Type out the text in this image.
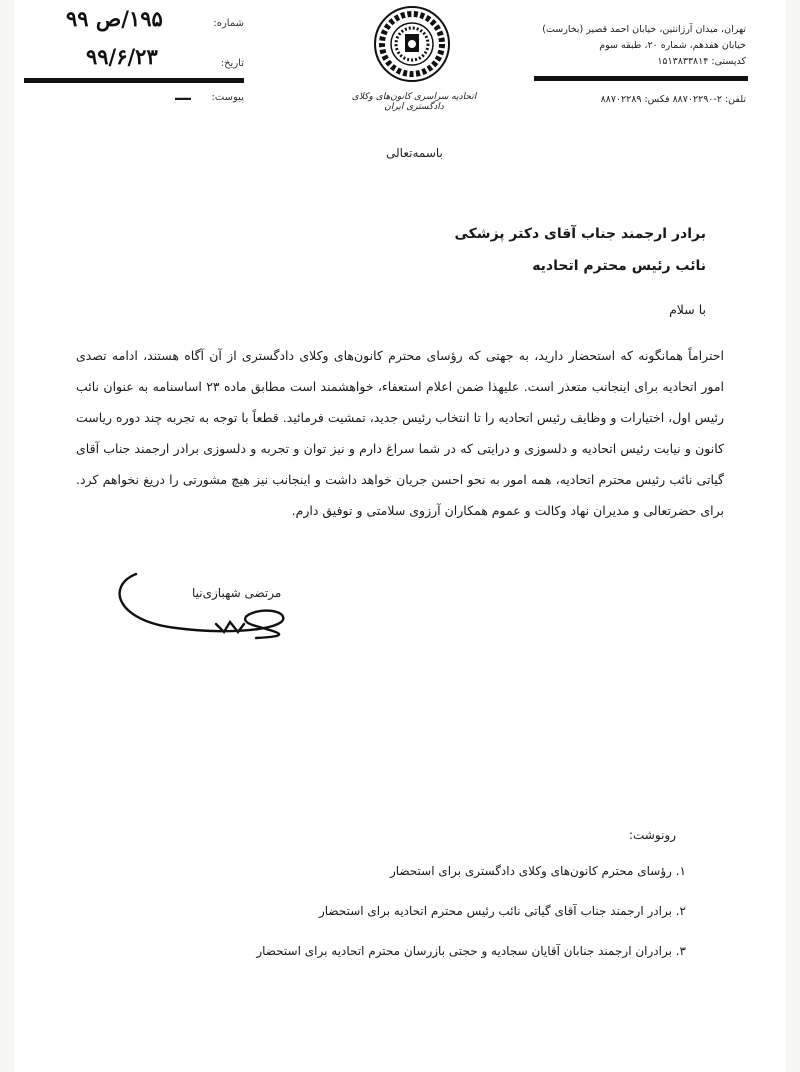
شماره:
۱۹۵/ص ۹۹
تاریخ:
۹۹/۶/۲۳
پیوست:
—	اتحادیه سراسری کانون‌های وکلای دادگستری ایران
تهران، میدان آرژانتین، خیابان احمد قصیر (بخارست)
خیابان هفدهم، شماره ۲۰، طبقه سوم
کدپستی: ۱۵۱۳۸۳۳۸۱۴
تلفن: ۲-۸۸۷۰۲۲۹۰ فکس: ۸۸۷۰۲۲۸۹
باسمه‌تعالی
برادر ارجمند جناب آقای دکتر پزشکی
نائب رئیس محترم اتحادیه
با سلام
احتراماً همانگونه که استحضار دارید، به جهتی که رؤسای محترم کانون‌های وکلای دادگستری از آن آگاه هستند، ادامه تصدی امور اتحادیه برای اینجانب متعذر است. علیهذا ضمن اعلام استعفاء، خواهشمند است مطابق ماده ۲۳ اساسنامه به عنوان نائب رئیس اول، اختیارات و وظایف رئیس اتحادیه را تا انتخاب رئیس جدید، تمشیت فرمائید. قطعاً با توجه به تجربه چند دوره ریاست کانون و نیابت رئیس اتحادیه و دلسوزی و درایتی که در شما سراغ دارم و نیز توان و تجربه و دلسوزی برادر ارجمند جناب آقای گیاتی نائب رئیس محترم اتحادیه، همه امور به نحو احسن جریان خواهد داشت و اینجانب نیز هیچ مشورتی را دریغ نخواهم کرد. برای حضرتعالی و مدیران نهاد وکالت و عموم همکاران آرزوی سلامتی و توفیق دارم.
مرتضی شهبازی‌نیا
رونوشت:
۱. رؤسای محترم کانون‌های وکلای دادگستری برای استحضار
۲. برادر ارجمند جناب آقای گیاتی نائب رئیس محترم اتحادیه برای استحضار
۳. برادران ارجمند جنابان آقایان سجادیه و حجتی بازرسان محترم اتحادیه برای استحضار
